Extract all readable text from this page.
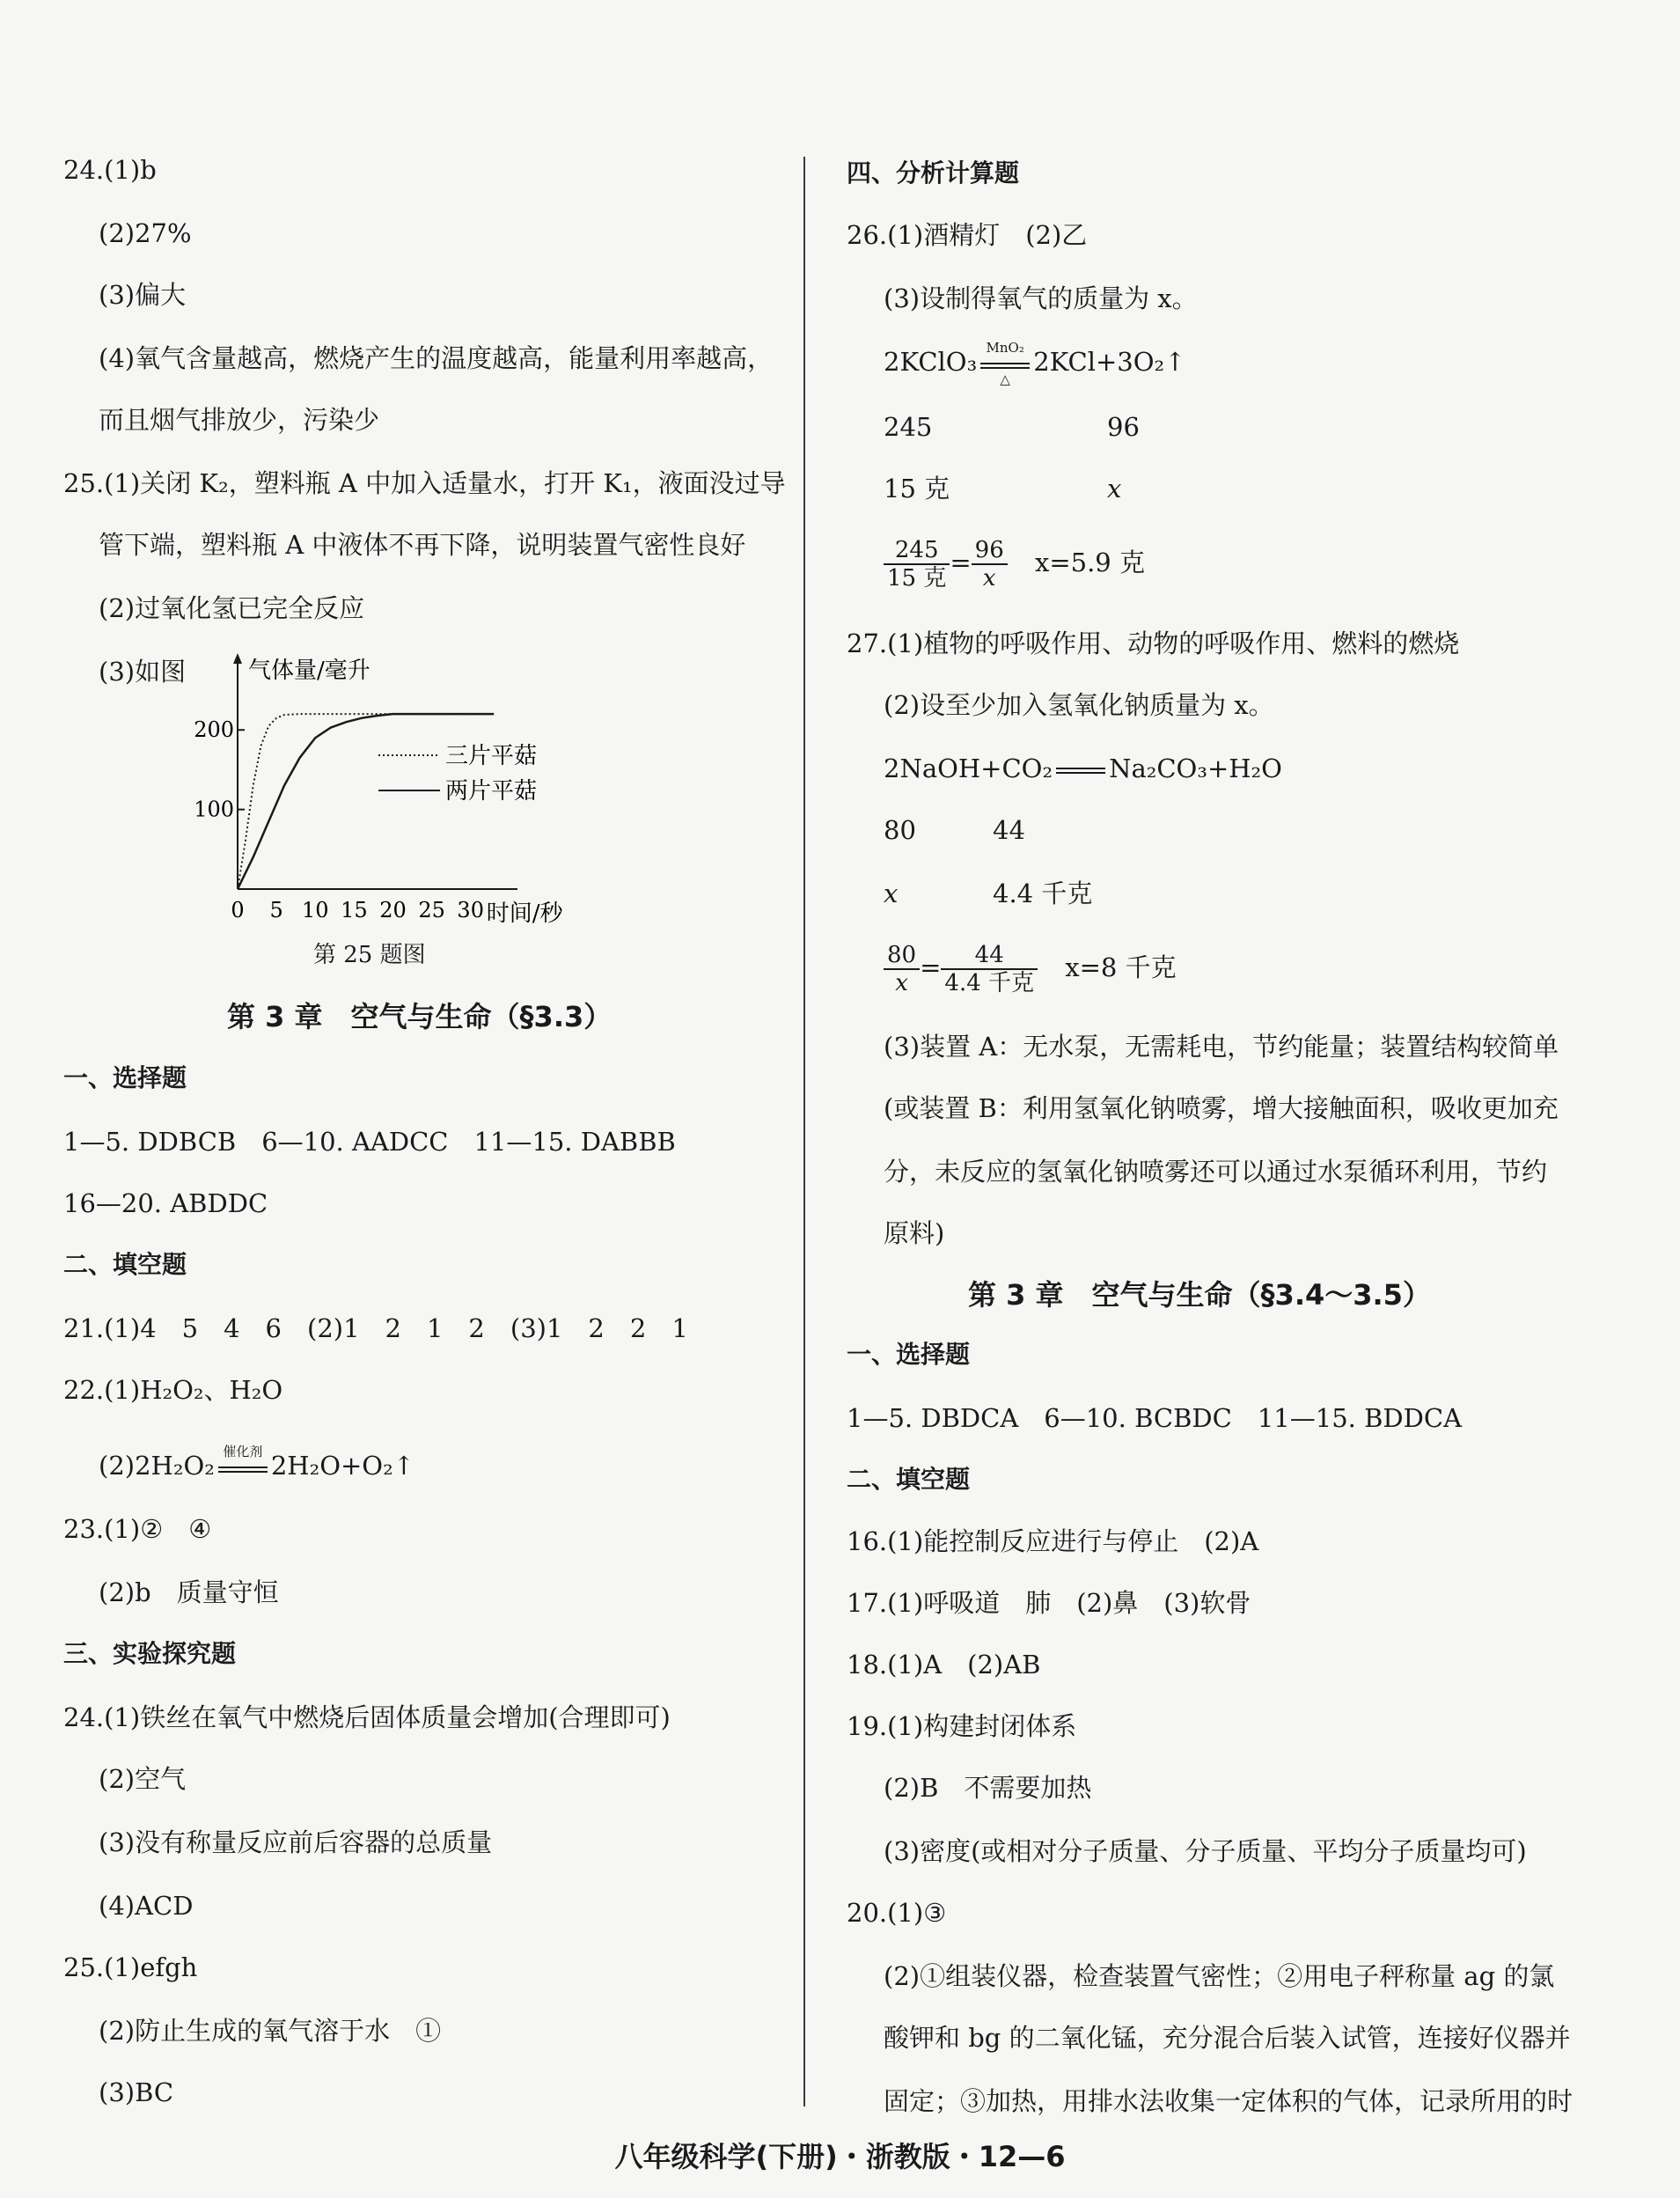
24.(1)b
(2)27%
(3)偏大
(4)氧气含量越高，燃烧产生的温度越高，能量利用率越高，
而且烟气排放少，污染少
25.(1)关闭 K₂，塑料瓶 A 中加入适量水，打开 K₁，液面没过导
管下端，塑料瓶 A 中液体不再下降，说明装置气密性良好
(2)过氧化氢已完全反应
(3)如图	气体量/毫升
0 5 10 15 20 25 30 时间/秒
100
200
三片平菇
两片平菇
第 25 题图
第 3 章　空气与生命（§3.3）
一、选择题
1—5. DDBCB　6—10. AADCC　11—15. DABBB
16—20. ABDDC
二、填空题
21.(1)4　5　4　6　(2)1　2　1　2　(3)1　2　2　1
22.(1)H₂O₂、H₂O
(2)2H₂O₂ 催化剂 2H₂O+O₂↑
23.(1)②　④
(2)b　质量守恒
三、实验探究题
24.(1)铁丝在氧气中燃烧后固体质量会增加(合理即可)
(2)空气
(3)没有称量反应前后容器的总质量
(4)ACD
25.(1)efgh
(2)防止生成的氧气溶于水　①
(3)BC
四、分析计算题
26.(1)酒精灯　(2)乙
(3)设制得氧气的质量为 x。
2KClO₃ MnO₂
△
2KCl+3O₂↑
245	96
15 克	x
$\frac{245}{\text{15 克}} = \frac{96}{x} x=5.9$ 克
27.(1)植物的呼吸作用、动物的呼吸作用、燃料的燃烧
(2)设至少加入氢氧化钠质量为 x。
2NaOH+CO₂ Na₂CO₃+H₂O
80	44
x	4.4 千克
$\frac{80}{x} = \frac{44}{\text{4.4 千克}} x=8$ 千克
(3)装置 A：无水泵，无需耗电，节约能量；装置结构较简单
(或装置 B：利用氢氧化钠喷雾，增大接触面积，吸收更加充
分，未反应的氢氧化钠喷雾还可以通过水泵循环利用，节约
原料)
第 3 章　空气与生命（§3.4～3.5）
一、选择题
1—5. DBDCA　6—10. BCBDC　11—15. BDDCA
二、填空题
16.(1)能控制反应进行与停止　(2)A
17.(1)呼吸道　肺　(2)鼻　(3)软骨
18.(1)A　(2)AB
19.(1)构建封闭体系
(2)B　不需要加热
(3)密度(或相对分子质量、分子质量、平均分子质量均可)
20.(1)③
(2)①组装仪器，检查装置气密性；②用电子秤称量 ag 的氯
酸钾和 bg 的二氧化锰，充分混合后装入试管，连接好仪器并
固定；③加热，用排水法收集一定体积的气体，记录所用的时
八年级科学(下册)・浙教版・12—6
